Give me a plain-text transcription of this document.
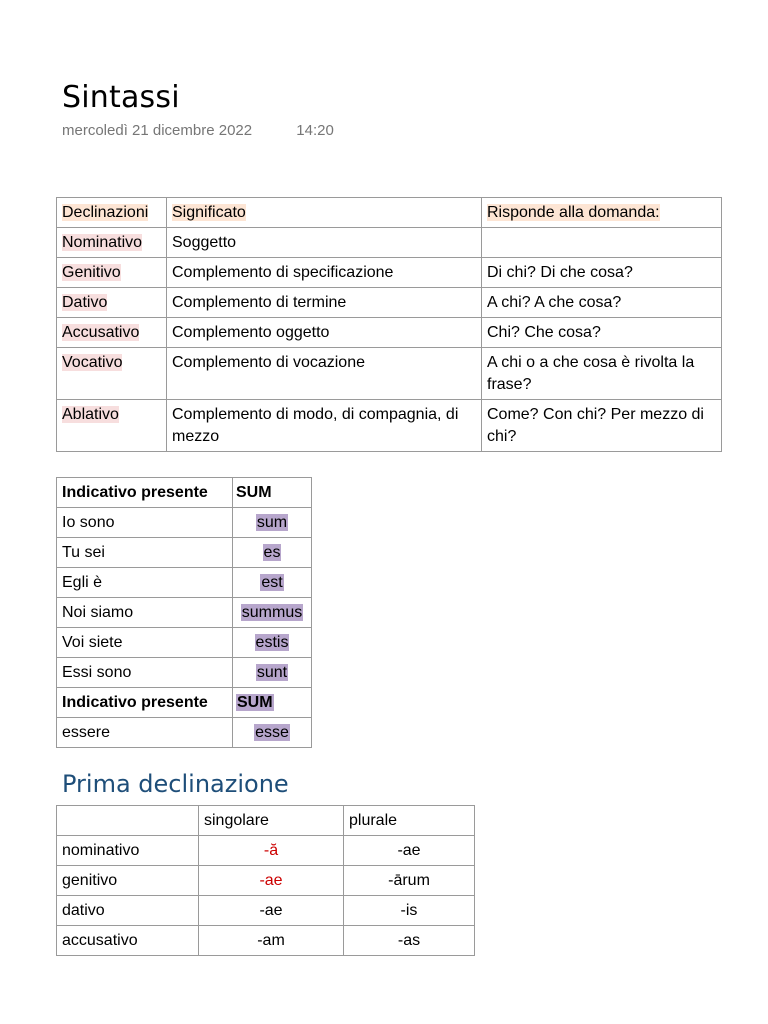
Sintassi
mercoledì 21 dicembre 2022	14:20
Declinazioni	Significato	Risponde alla domanda:
Nominativo	Soggetto	
Genitivo	Complemento di specificazione	Di chi? Di che cosa?
Dativo	Complemento di termine	A chi? A che cosa?
Accusativo	Complemento oggetto	Chi? Che cosa?
Vocativo	Complemento di vocazione	A chi o a che cosa è rivolta la frase?
Ablativo	Complemento di modo, di compagnia, di mezzo	Come? Con chi? Per mezzo di chi?
Indicativo presente	SUM
Io sono	sum
Tu sei	es
Egli è	est
Noi siamo	summus
Voi siete	estis
Essi sono	sunt
Indicativo presente	SUM
essere	esse
Prima declinazione
	singolare	plurale
nominativo	-ă	-ae
genitivo	-ae	-ārum
dativo	-ae	-is
accusativo	-am	-as
